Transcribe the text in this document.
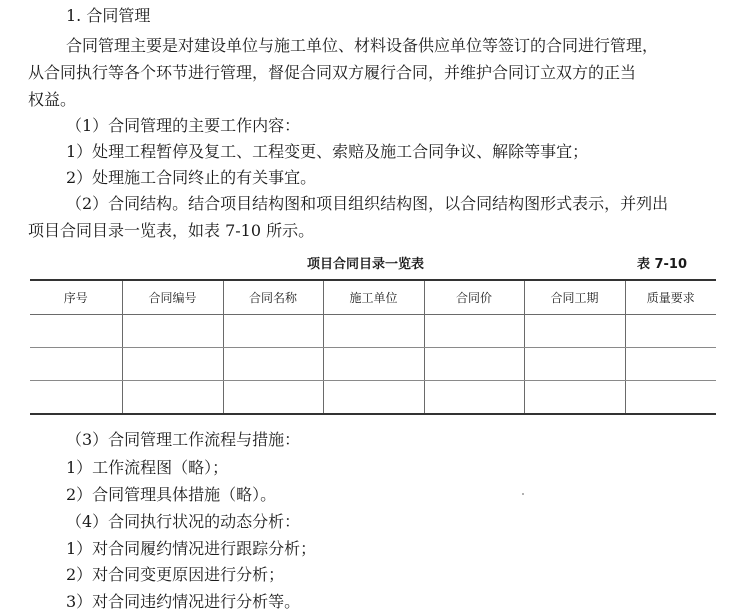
1. 合同管理
合同管理主要是对建设单位与施工单位、材料设备供应单位等签订的合同进行管理，
从合同执行等各个环节进行管理，督促合同双方履行合同，并维护合同订立双方的正当
权益。
（1）合同管理的主要工作内容：
1）处理工程暂停及复工、工程变更、索赔及施工合同争议、解除等事宜；
2）处理施工合同终止的有关事宜。
（2）合同结构。结合项目结构图和项目组织结构图，以合同结构图形式表示，并列出
项目合同目录一览表，如表 7-10 所示。
项目合同目录一览表	表 7-10
序号	合同编号	合同名称	施工单位	合同价	合同工期	质量要求

（3）合同管理工作流程与措施：
1）工作流程图（略）；
2）合同管理具体措施（略）。
（4）合同执行状况的动态分析：
1）对合同履约情况进行跟踪分析；
2）对合同变更原因进行分析；
3）对合同违约情况进行分析等。
